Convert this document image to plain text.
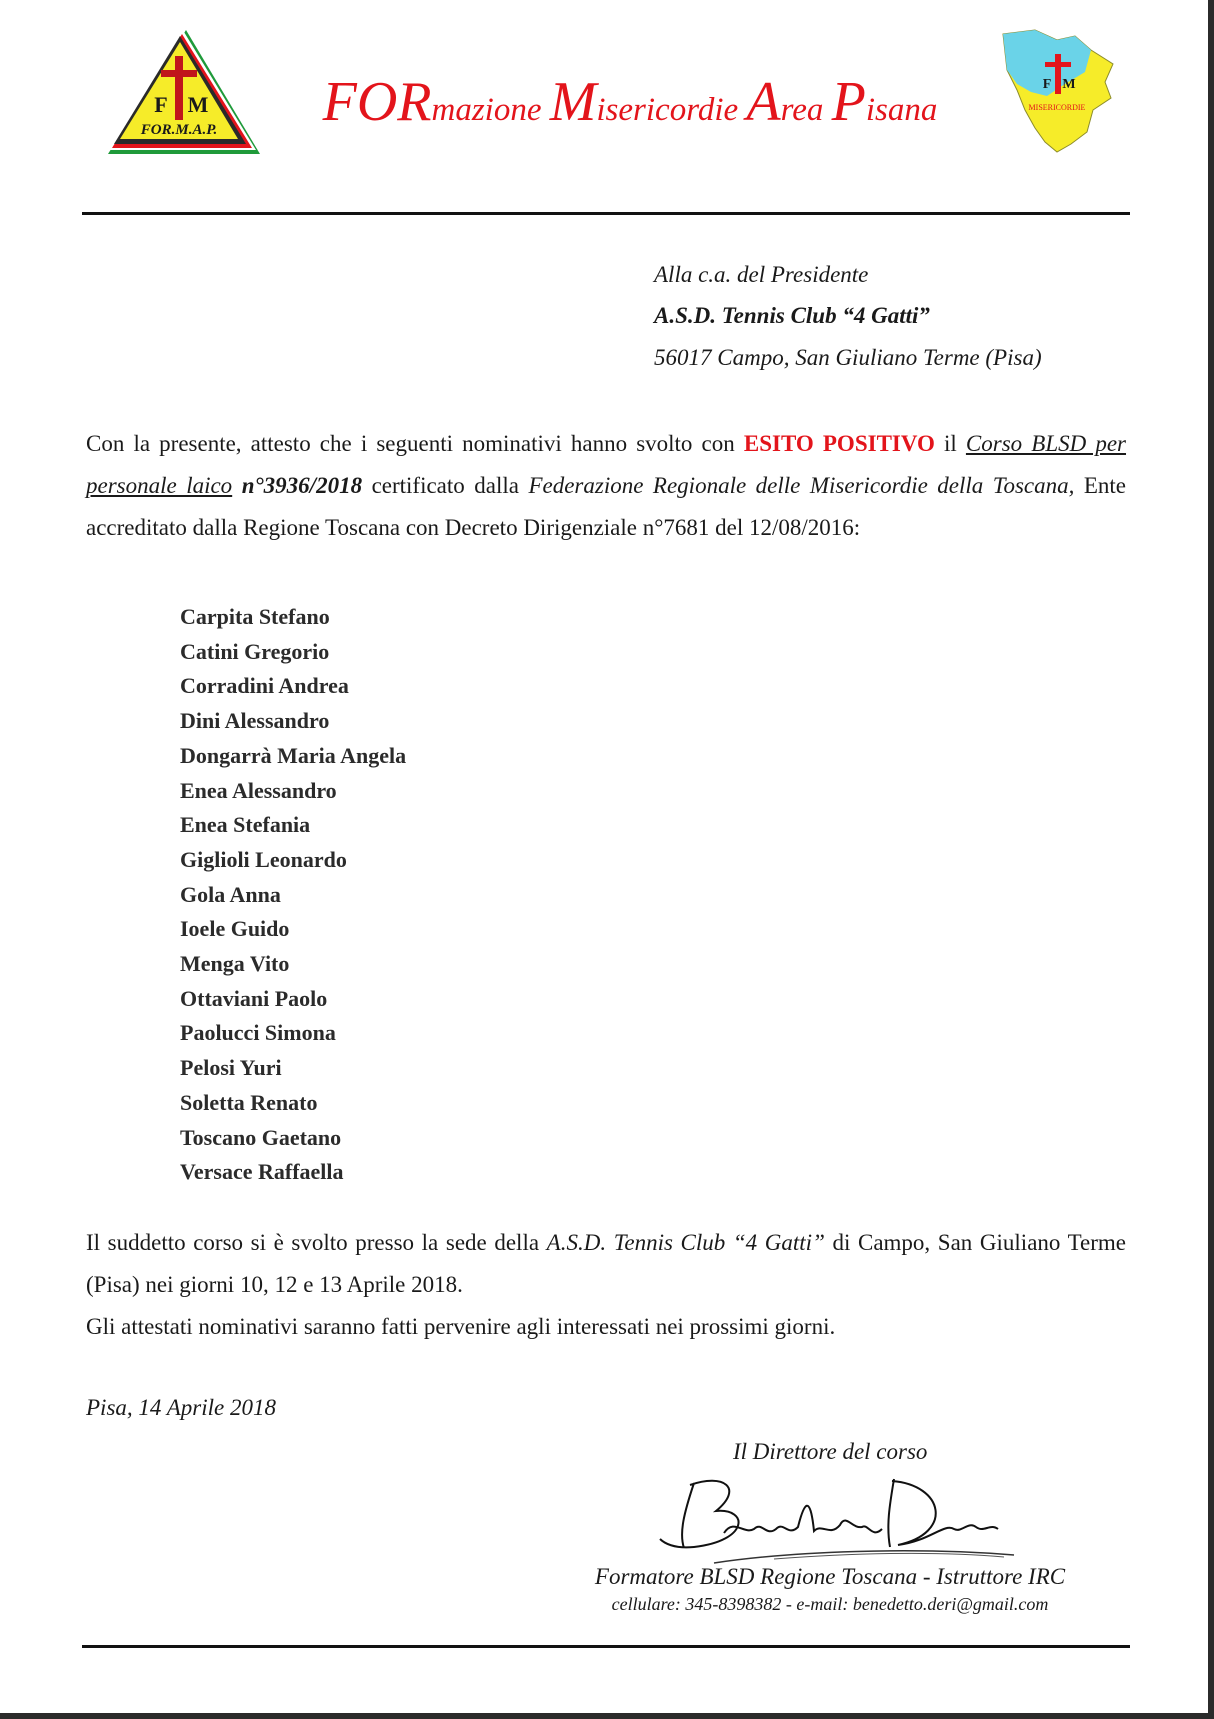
FOR.M.A.P.
F M	FORmazione Misericordie Area Pisana
F M
MISERICORDIE
Alla c.a. del Presidente
A.S.D. Tennis Club “4 Gatti”
56017 Campo, San Giuliano Terme (Pisa)
Con la presente, attesto che i seguenti nominativi hanno svolto con ESITO POSITIVO il Corso BLSD per personale laico n°3936/2018 certificato dalla Federazione Regionale delle Misericordie della Toscana, Ente accreditato dalla Regione Toscana con Decreto Dirigenziale n°7681 del 12/08/2016:
Carpita Stefano
Catini Gregorio
Corradini Andrea
Dini Alessandro
Dongarrà Maria Angela
Enea Alessandro
Enea Stefania
Giglioli Leonardo
Gola Anna
Ioele Guido
Menga Vito
Ottaviani Paolo
Paolucci Simona
Pelosi Yuri
Soletta Renato
Toscano Gaetano
Versace Raffaella
Il suddetto corso si è svolto presso la sede della A.S.D. Tennis Club “4 Gatti” di Campo, San Giuliano Terme (Pisa) nei giorni 10, 12 e 13 Aprile 2018.
Gli attestati nominativi saranno fatti pervenire agli interessati nei prossimi giorni.
Pisa, 14 Aprile 2018
Il Direttore del corso
Formatore BLSD Regione Toscana - Istruttore IRC
cellulare: 345-8398382 - e-mail: benedetto.deri@gmail.com
